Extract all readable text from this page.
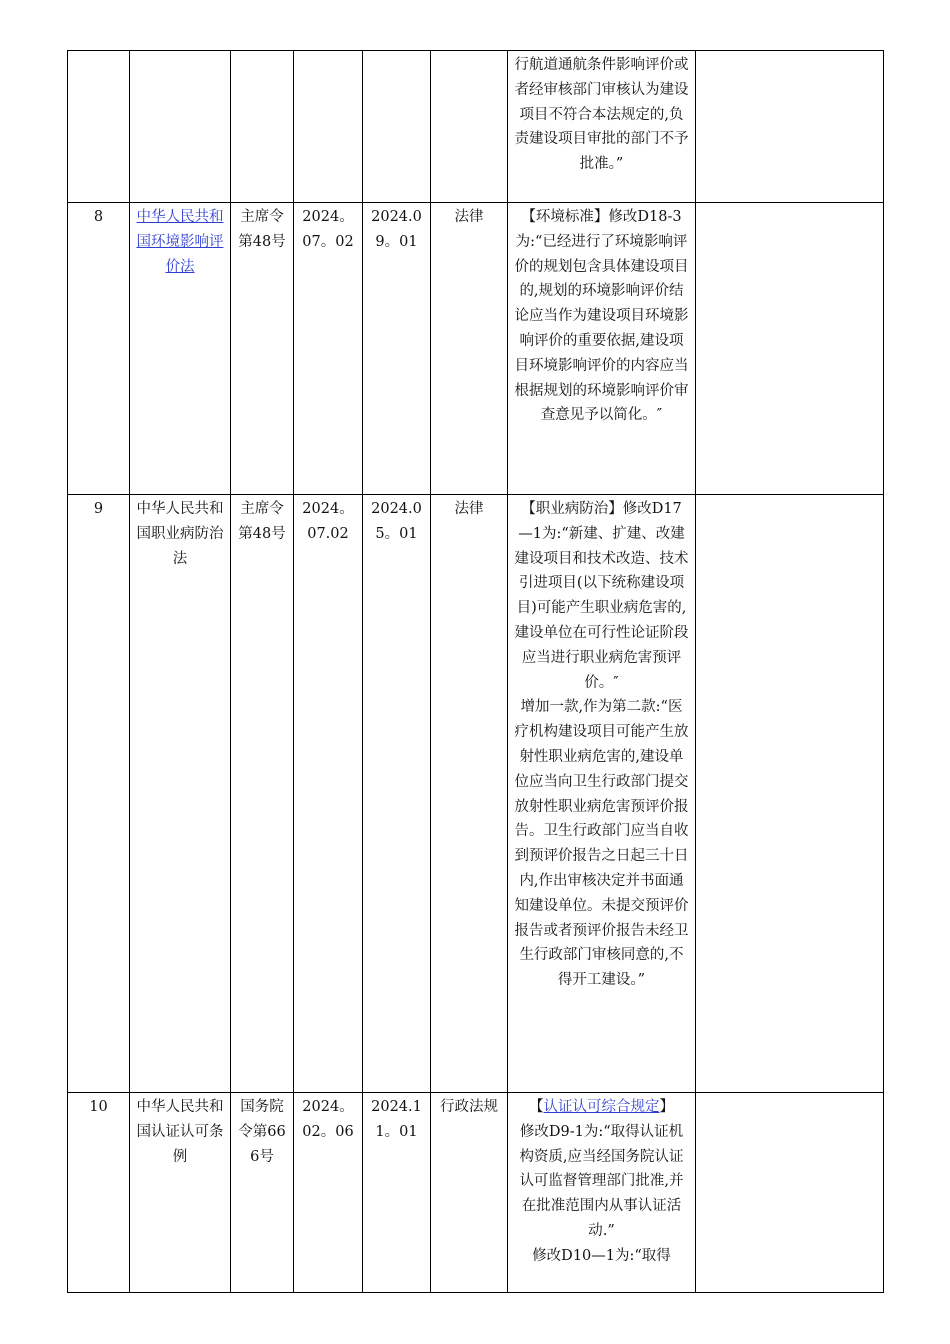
						行航道通航条件影响评价或者经审核部门审核认为建设项目不符合本法规定的,负责建设项目审批的部门不予批准。”	

8	中华人民共和国环境影响评价法	主席令第48号	2024。07。02	2024.09。01	法律	【环境标准】修改D18-3为:“已经进行了环境影响评价的规划包含具体建设项目的,规划的环境影响评价结论应当作为建设项目环境影响评价的重要依据,建设项目环境影响评价的内容应当根据规划的环境影响评价审查意见予以简化。″	

9	中华人民共和国职业病防治法	主席令第48号	2024。07.02	2024.05。01	法律	【职业病防治】修改D17—1为:“新建、扩建、改建建设项目和技术改造、技术引进项目(以下统称建设项目)可能产生职业病危害的,建设单位在可行性论证阶段应当进行职业病危害预评价。″
增加一款,作为第二款:“医疗机构建设项目可能产生放射性职业病危害的,建设单位应当向卫生行政部门提交放射性职业病危害预评价报告。卫生行政部门应当自收到预评价报告之日起三十日内,作出审核决定并书面通知建设单位。未提交预评价报告或者预评价报告未经卫生行政部门审核同意的,不得开工建设。”	

10	中华人民共和国认证认可条例	国务院令第666号	2024。02。06	2024.11。01	行政法规	【认证认可综合规定】
修改D9-1为:“取得认证机构资质,应当经国务院认证认可监督管理部门批准,并在批准范围内从事认证活动.”
修改D10—1为:“取得	
